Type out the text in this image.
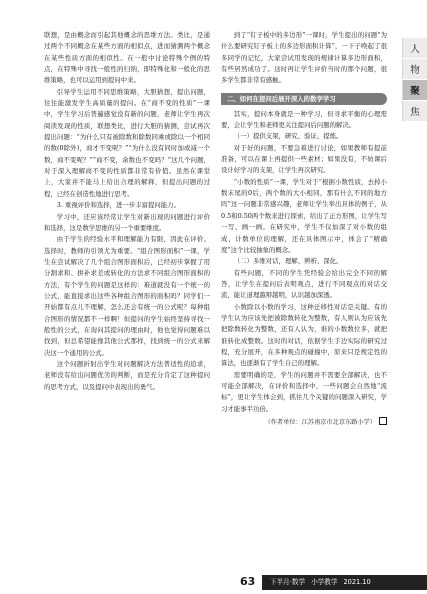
联想，是由概念而引起其他概念的思维方法。类比，是通过两个不同概念在某些方面的相似点，进而猜测两个概念在某些性质方面的相似性。在一般中讨论特殊个例的特点，在特殊中寻找一般性的归纳，即特殊化和一般化的思维策略，也可以运用到提问中来。

引导学生运用不同思维策略，大胆猜想，提出问题，往往能激发学生高质量的提问。在“商不变的性质”一课中，学生学习后普遍感觉没有新的问题，老师让学生再次阅读发现的性质，联想类比，进行大胆的猜测，尝试再次提出问题：“为什么只有被除数和除数同乘或除以一个相同的数(0除外)，商才不变呢？”“为什么没有同时加或减一个数，商不变呢？”“商不变，余数也不变吗？”这几个问题，对于深入理解商不变的性质都非常有价值。虽然在课堂上，大家并不能马上给出合理的解释，但提出问题的过程，已经在创造性地进行思考。

3. 重视评价和选择，进一步丰富提问能力。

学习中，还应该经常让学生对新出现的问题进行评价和选择，这是数学思维的另一个重要维度。

由于学生的经验水平和理解能力有限，因此在评价、选择时，教师的引领尤为重要。“组合图形面积”一课，学生在尝试解决了几个组合图形面积后，已经初步掌握了用分割求和、拼补求差或转化的方法求不同组合图形面积的方法，有个学生的问题是这样的：难道就没有一个统一的公式，能直接求出这些各种组合图形的面积吗？同学们一开始都有点儿不理解，怎么还会有统一的公式呢？每种组合图形的情况都不一样啊！但提问的学生始终坚持寻找一般性的公式，在询问其提问的理由时，他也觉得问题难以找到，但总希望能像其他公式那样，找到统一的公式来解决这一个通用的公式。

这个问题折射出学生对问题解决方法普适性的追求，老师没有给出问题优劣的判断，而是充分肯定了这种提问的思考方式，以及提问中表现出的勇气。

到了“钉子板中的多边形”一课时，学生提出的问题“为什么要研究钉子板上的多边形面积计算”，一下子唤起了很多同学的记忆，大家尝试用发现的规律计算多边形面积，有些居然成功了。这时再让学生评价当时的那个问题，很多学生都非常有感触。

二、如何在提问后展开深入的数学学习

其实，提问本身就是一种学习，但寻求平衡的心理需要，会让学生和老师更关注提问后问题的解决。

（一）提供支架，研究、验证、提炼。

对于好的问题，不要急着进行讨论，如果教师有提前准备，可以在课上再提供一些素材；如果没有，不妨课后设计好学习的支架，让学生再次研究。

“小数的性质”一课，学生对于“根据小数性质，去掉小数末尾的0后，两个数的大小相同，那有什么不同的地方吗”这一问题非常感兴趣，老师让学生举出具体的例子，从0.5和0.50两个数来进行探索，给出了正方形图，让学生写一写、画一画。在研究中，学生不仅加深了对小数的组成、计数单位的理解，还在具体图示中，体会了“精确度”这个比较抽象的概念。

（二）多维对话，理解、辨析、深化。

有些问题，不同的学生凭经验会给出完全不同的解答，让学生在提问后表明观点，进行不同观点的对话交流，能让道理越辩越明，认识越加深透。

小数除以小数的学习，这种迁移性对话是关键。有的学生认为应该先把被除数转化为整数，有人则认为应该先把除数转化为整数，还有人认为，谁的小数数位多，就把谁转化成整数。这时的对话，依据学生手边实际的研究过程，充分展开，在多种观点的碰撞中，原来只是规定性的算法，也逐渐有了学生自己的理解。

需要明确的是，学生的问题并不需要全部解决，也不可能全部解决，在评价和选择中，一些问题会自然地“流标”，更让学生体会到，抓住几个关键的问题深入研究，学习才能事半功倍。

（作者单位：江苏南京市北京东路小学）
人
物
聚
焦
63 下半月·数学 小学教学 2021.10
